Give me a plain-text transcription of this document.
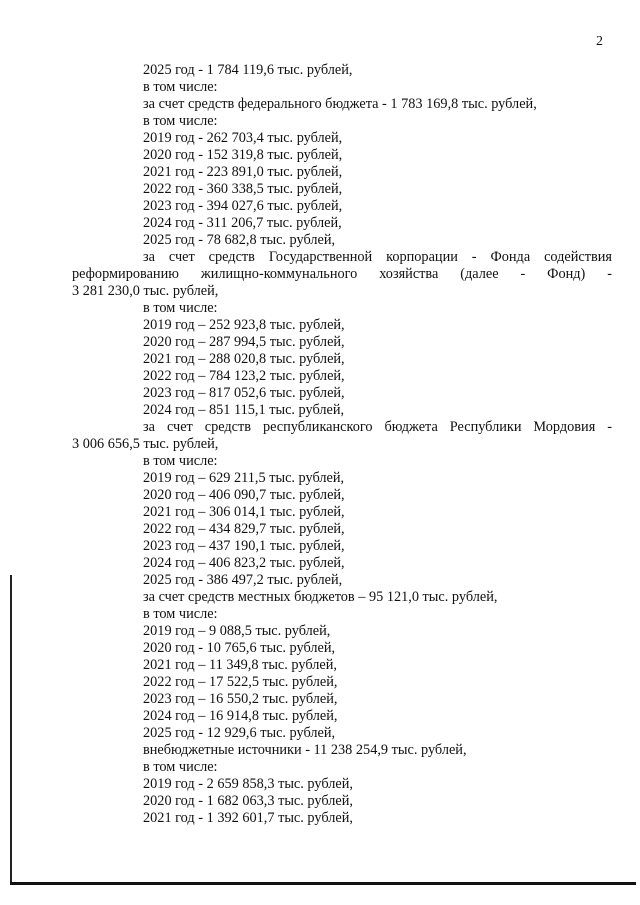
2
2025 год - 1 784 119,6 тыс. рублей,
в том числе:
за счет средств федерального бюджета - 1 783 169,8 тыс. рублей,
в том числе:
2019 год - 262 703,4 тыс. рублей,
2020 год - 152 319,8 тыс. рублей,
2021 год - 223 891,0 тыс. рублей,
2022 год - 360 338,5 тыс. рублей,
2023 год - 394 027,6 тыс. рублей,
2024 год - 311 206,7 тыс. рублей,
2025 год - 78 682,8 тыс. рублей,
за счет средств Государственной корпорации - Фонда содействия
реформированию жилищно-коммунального хозяйства (далее - Фонд) -
3 281 230,0 тыс. рублей,
в том числе:
2019 год – 252 923,8 тыс. рублей,
2020 год – 287 994,5 тыс. рублей,
2021 год – 288 020,8 тыс. рублей,
2022 год – 784 123,2 тыс. рублей,
2023 год – 817 052,6 тыс. рублей,
2024 год – 851 115,1 тыс. рублей,
за счет средств республиканского бюджета Республики Мордовия -
3 006 656,5 тыс. рублей,
в том числе:
2019 год – 629 211,5 тыс. рублей,
2020 год – 406 090,7 тыс. рублей,
2021 год – 306 014,1 тыс. рублей,
2022 год – 434 829,7 тыс. рублей,
2023 год – 437 190,1 тыс. рублей,
2024 год – 406 823,2 тыс. рублей,
2025 год - 386 497,2 тыс. рублей,
за счет средств местных бюджетов – 95 121,0 тыс. рублей,
в том числе:
2019 год – 9 088,5 тыс. рублей,
2020 год - 10 765,6 тыс. рублей,
2021 год – 11 349,8 тыс. рублей,
2022 год – 17 522,5 тыс. рублей,
2023 год – 16 550,2 тыс. рублей,
2024 год – 16 914,8 тыс. рублей,
2025 год - 12 929,6 тыс. рублей,
внебюджетные источники - 11 238 254,9 тыс. рублей,
в том числе:
2019 год - 2 659 858,3 тыс. рублей,
2020 год - 1 682 063,3 тыс. рублей,
2021 год - 1 392 601,7 тыс. рублей,
